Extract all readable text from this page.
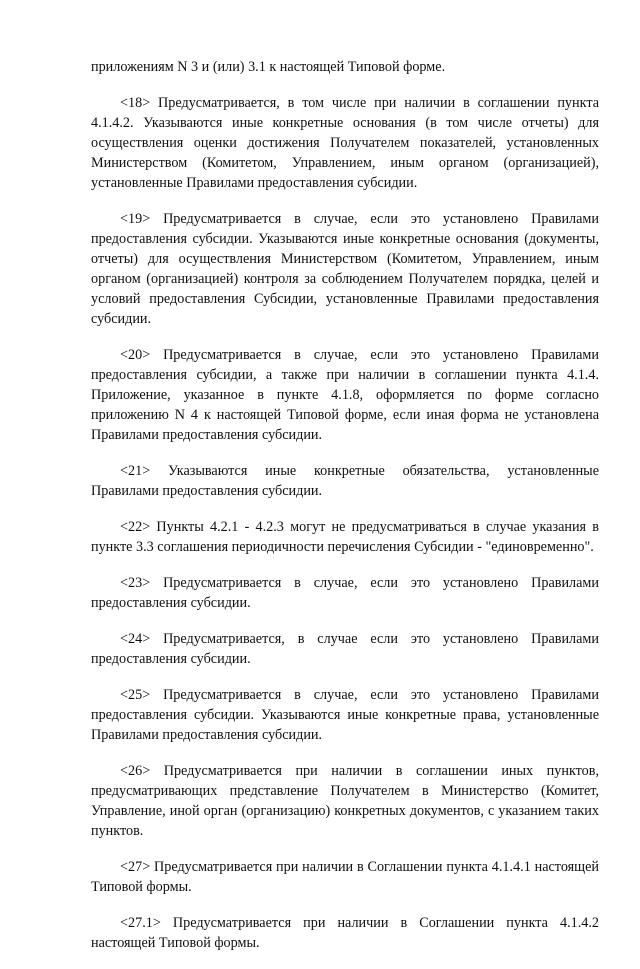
приложениям N 3 и (или) 3.1 к настоящей Типовой форме.

<18> Предусматривается, в том числе при наличии в соглашении пункта 4.1.4.2. Указываются иные конкретные основания (в том числе отчеты) для осуществления оценки достижения Получателем показателей, установленных Министерством (Комитетом, Управлением, иным органом (организацией), установленные Правилами предоставления субсидии.

<19> Предусматривается в случае, если это установлено Правилами предоставления субсидии. Указываются иные конкретные основания (документы, отчеты) для осуществления Министерством (Комитетом, Управлением, иным органом (организацией) контроля за соблюдением Получателем порядка, целей и условий предоставления Субсидии, установленные Правилами предоставления субсидии.

<20> Предусматривается в случае, если это установлено Правилами предоставления субсидии, а также при наличии в соглашении пункта 4.1.4. Приложение, указанное в пункте 4.1.8, оформляется по форме согласно приложению N 4 к настоящей Типовой форме, если иная форма не установлена Правилами предоставления субсидии.

<21> Указываются иные конкретные обязательства, установленные Правилами предоставления субсидии.

<22> Пункты 4.2.1 - 4.2.3 могут не предусматриваться в случае указания в пункте 3.3 соглашения периодичности перечисления Субсидии - "единовременно".

<23> Предусматривается в случае, если это установлено Правилами предоставления субсидии.

<24> Предусматривается, в случае если это установлено Правилами предоставления субсидии.

<25> Предусматривается в случае, если это установлено Правилами предоставления субсидии. Указываются иные конкретные права, установленные Правилами предоставления субсидии.

<26> Предусматривается при наличии в соглашении иных пунктов, предусматривающих представление Получателем в Министерство (Комитет, Управление, иной орган (организацию) конкретных документов, с указанием таких пунктов.

<27> Предусматривается при наличии в Соглашении пункта 4.1.4.1 настоящей Типовой формы.

<27.1> Предусматривается при наличии в Соглашении пункта 4.1.4.2 настоящей Типовой формы.
